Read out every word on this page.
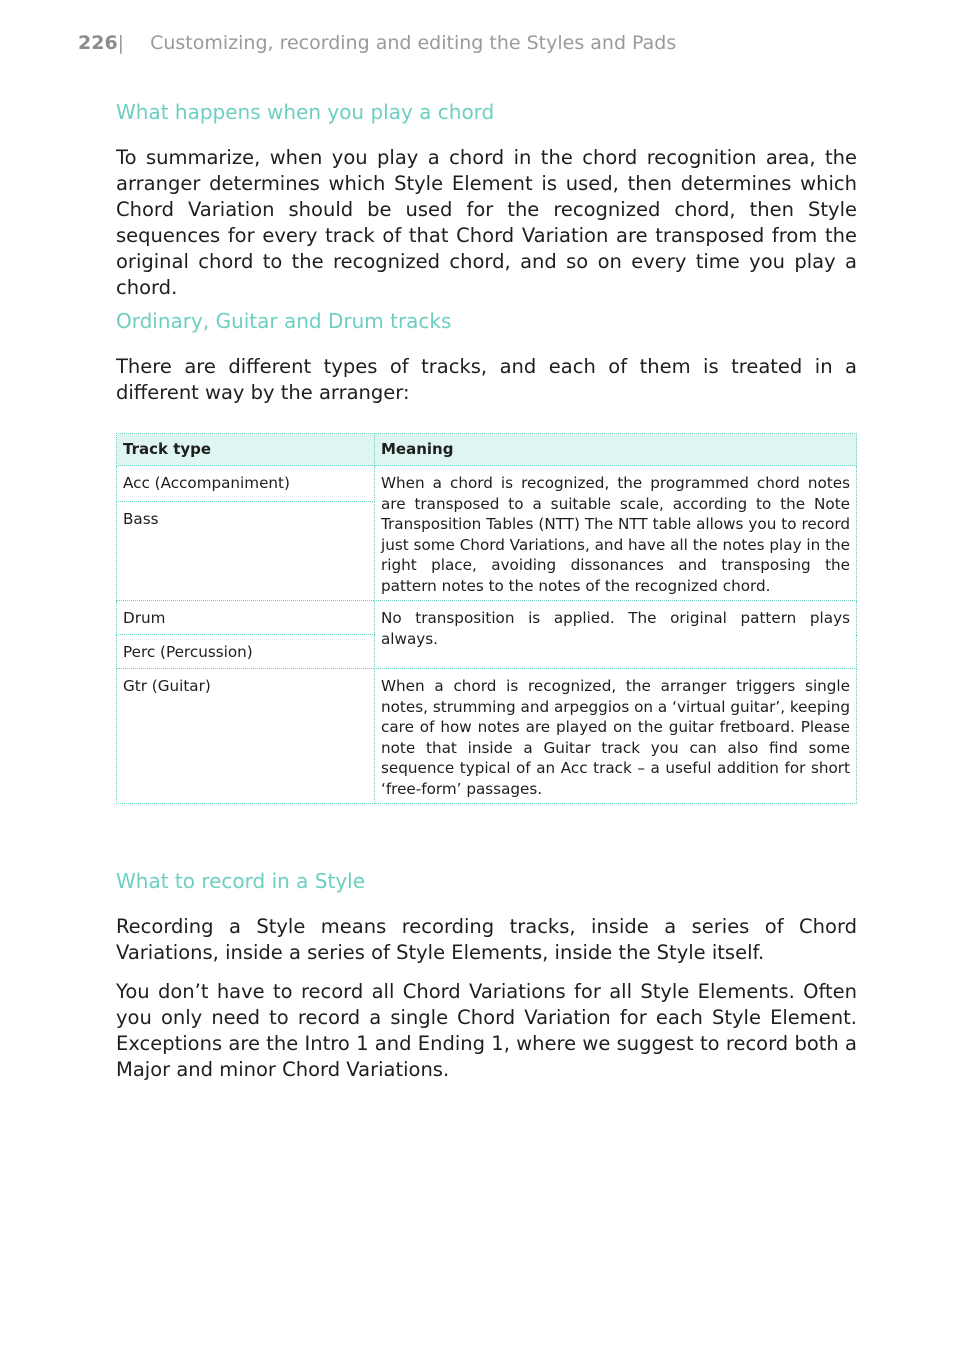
226| Customizing, recording and editing the Styles and Pads
What happens when you play a chord
To summarize, when you play a chord in the chord recognition area, the arranger determines which Style Element is used, then determines which Chord Variation should be used for the recognized chord, then Style sequences for every track of that Chord Variation are transposed from the original chord to the recognized chord, and so on every time you play a chord.
Ordinary, Guitar and Drum tracks
There are different types of tracks, and each of them is treated in a different way by the arranger:
Track type	Meaning
Acc (Accompaniment)	When a chord is recognized, the programmed chord notes are transposed to a suitable scale, according to the Note Transposition Tables (NTT) The NTT table allows you to record just some Chord Variations, and have all the notes play in the right place, avoiding dissonances and transposing the pattern notes to the notes of the recognized chord.
Bass	
Drum	No transposition is applied. The original pattern plays always.
Perc (Percussion)	
Gtr (Guitar)	When a chord is recognized, the arranger triggers single notes, strumming and arpeggios on a ‘virtual guitar’, keeping care of how notes are played on the guitar fretboard. Please note that inside a Guitar track you can also find some sequence typical of an Acc track – a useful addition for short ‘free-form’ passages.
What to record in a Style
Recording a Style means recording tracks, inside a series of Chord Variations, inside a series of Style Elements, inside the Style itself.
You don’t have to record all Chord Variations for all Style Elements. Often you only need to record a single Chord Variation for each Style Element. Exceptions are the Intro 1 and Ending 1, where we suggest to record both a Major and minor Chord Variations.
